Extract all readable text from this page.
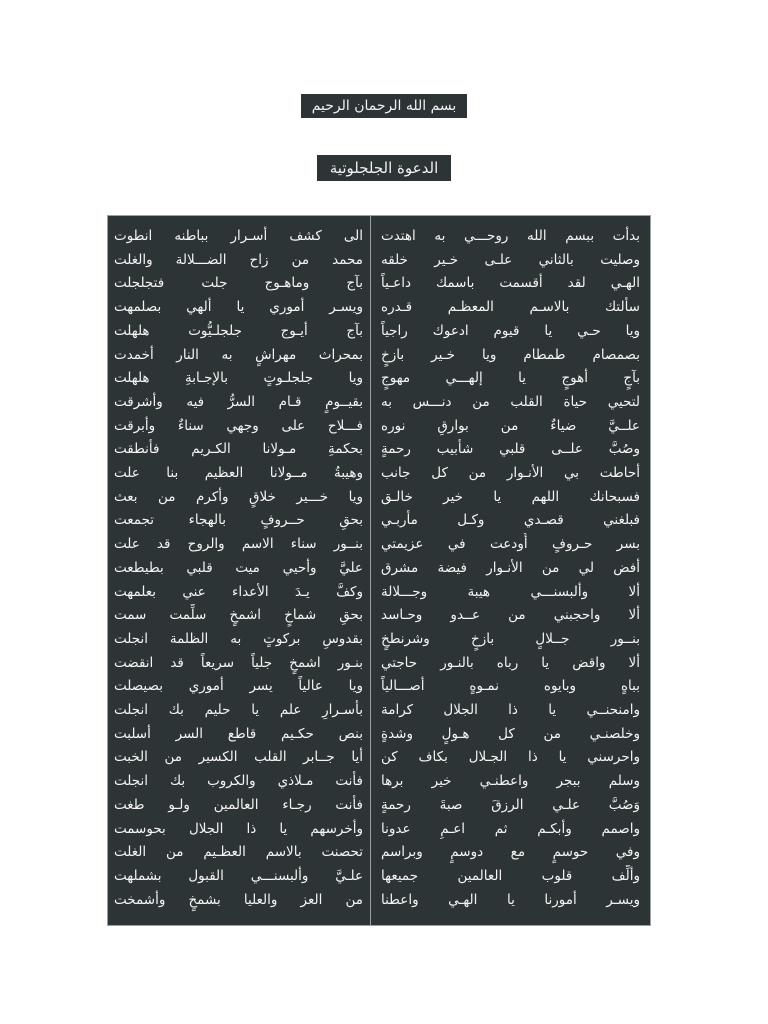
بسم الله الرحمان الرحيم
الدعوة الجلجلوتية
بدأت ببسم الله روحـــي به اهتدت
وصليت بالثاني علـى خـير خلقه
الهـي لقد أقسمت باسمك داعـياً
سألتك بالاسـم المعظـم قـدره
ويا حـي يا قيوم ادعوك راجياً
بصمصام طمطام ويا خـير بازخٍ
بآجٍ أهوجٍ يا إلهـــي مهوجٍ
لتحيي حياة القلب من دنـــس به
علــيَّ ضياءٌ من بوارقِ نوره
وصُبَّ علــى قلبي شأبيب رحمةٍ
أحاطت بي الأنـوار من كل جانب
فسبحانك اللهم يا خير خالـق
فبلغني قصـدي وكـل مأربـي
بسر حـروفٍ أُودعت في عزيمتي
أفض لي من الأنـوار فيضة مشرق
ألا وألبسنـــي هيبة وجـــلالة
ألا واحجبني من عــدو وحـاسد
بنــور جــلالٍ بازخٍ وشرنطخٍ
ألا واقض يا رباه بالنـور حاجتي
بباهٍ وبايوه نمـوهٍ أصـــالياً
وامنحنــي يا ذا الجلال كرامة
وخلصنـي من كل هـولٍ وشدةٍ
واحرسني يا ذا الجـلال بكاف كن
وسلم ببجر واعطنـي خير برها
وَصُبَّ علـي الرزقَ صبةَ رحمةٍ
واصمم وأبكـم ثم اعـمِ عدونا
وفي حوسمٍ مع دوسمٍ وبراسم
وألِّف قلوب العالمين جميعها
ويسـر أمورنا يا الهـي واعطنا
الى كشف أسـرار بباطنه انطوت
محمد من زاح الضـــلالة والغلت
بآج وماهـوج جلت فتجلجلت
ويسـر أموري يا ألهي بصلمهت
بآج أيـوج جلجلـيُّوت هلهلت
بمحراث مهراشٍ به النار أخمدت
ويا جلجلـوتٍ بالإجـابةِ هلهلت
بقيــومٍ قـام السرُّ فيه وأشرقت
فـــلاح على وجهي سناءٌ وأبرقت
بحكمةِ مـولانا الكـريم فأنطقت
وهيبةُ مــولانا العظيم بنا علت
ويا خـــير خلاقٍ وأكرم من بعث
بحقِ حــروفٍ بالهجاء تجمعت
بنــور سناء الاسم والروح قد علت
عليَّ وأحيي ميت قلبي بطيطعت
وكفَّ يـدَ الأعداء عني بعلمهت
بحقِ شماخٍ اشمخٍ سلِّمت سمت
بقدوسِ بركوتٍ به الظلمة انجلت
بنـور اشمخٍ جلياً سريعاً قد انقضت
ويا عالياً يسر أموري بصيصلت
بأسـرارِ علم يا حليم بك انجلت
بنص حكـيم قاطع السر أسلبت
أيا جــابر القلب الكسير من الخبت
فأنت مـلاذي والكروب بك انجلت
فأنت رجـاء العالمين ولـو طغت
وأخرسهم يا ذا الجلال بحوسمت
تحصنت بالاسم العظـيم من الغلت
علـيَّ وألبسنـــي القبول بشملهت
من العز والعليا بشمخٍ وأشمخت
